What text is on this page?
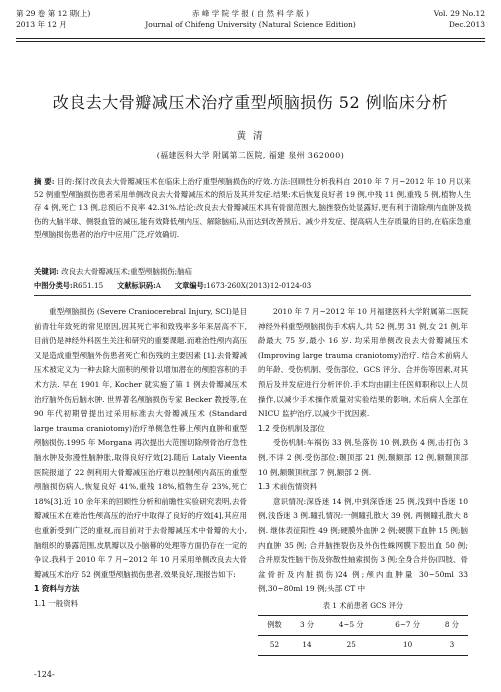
第 29 卷 第 12 期(上)	赤 峰 学 院 学 报 ( 自 然 科 学 版 )	Vol. 29 No.12
2013 年 12 月	Journal of Chifeng University (Natural Science Edition)	Dec.2013
改良去大骨瓣减压术治疗重型颅脑损伤 52 例临床分析
黄 清
(福建医科大学 附属第二医院, 福建 泉州 362000)
摘 要: 目的:探讨改良去大骨瓣减压术在临床上治疗重型颅脑损伤的疗效.方法:回顾性分析我科自 2010 年 7 月~2012 年 10 月以来 52 例重型颅脑损伤患者采用单侧改良去大骨瓣减压术的预后及其并发症.结果:术后恢复良好者 19 例,中残 11 例,重残 5 例,植物人生存 4 例,死亡 13 例,总预后不良率 42.31%.结论:改良去大骨瓣减压术具有骨窗范围大,脑挫裂伤处显露好,更有利于清除颅内血肿及损伤的大脑半球、侧裂血管的减压,能有效降低颅内压、解除脑疝,从而达到改善预后、减少并发症、提高病人生存质量的目的,在临床急重型颅脑损伤患者的治疗中应用广泛,疗效确切.
关键词: 改良去大骨瓣减压术;重型颅脑损伤;脑疝
中图分类号:R651.15 文献标识码:A 文章编号:1673-260X(2013)12-0124-03

重型颅脑损伤 (Severe Craniocerebral Injury, SCI)是目前青壮年致死的常见原因,因其死亡率和致残率多年来居高不下,目前仍是神经外科医生关注和研究的重要课题.而难治性颅内高压又是造成重型颅脑外伤患者死亡和伤残的主要因素 [1].去骨瓣减压术被定义为一种去除大面积的颅骨以增加潜在的颅腔容积的手术方法. 早在 1901 年, Kocher 就实施了第 1 例去骨瓣减压术治疗脑外伤后脑水肿. 世界著名颅脑损伤专家 Becker 教授等,在 90 年代初期曾提出过采用标准去大骨瓣减压术 (Standard large trauma craniotomy)治疗单侧急性幕上颅内血肿和重型颅脑损伤.1995 年 Morgana 再次提出大范围切除颅骨治疗急性脑水肿及弥漫性脑肿胀,取得良好疗效[2].随后 Lataly Vieenta 医院报道了 22 例利用大骨瓣减压治疗难以控制颅内高压的重型颅脑损伤病人,恢复良好 41%,重残 18%,植物生存 23%,死亡 18%[3].近 10 余年来的回顾性分析和前瞻性实验研究表明,去骨瓣减压术在难治性颅高压的治疗中取得了良好的疗效[4],其应用也重新受到广泛的重视,而目前对于去骨瓣减压术中骨瓣的大小,脑组织的暴露范围,皮肌瓣以及小脑幕的处理等方面仍存在一定的争议.我科于 2010 年 7 月~2012 年 10 月采用单侧改良去大骨瓣减压术治疗 52 例重型颅脑损伤患者,效果良好,现报告如下:

1 资料与方法
1.1 一般资料

2010 年 7 月~2012 年 10 月福建医科大学附属第二医院神经外科重型颅脑损伤手术病人,共 52 例,男 31 例,女 21 例,年龄最大 75 岁,最小 16 岁. 均采用单侧改良去大骨瓣减压术(Improving large trauma craniotomy)治疗. 结合术前病人的年龄、受伤机制、受伤部位、GCS 评分、合并伤等因素,对其预后及并发症进行分析评价.手术均由副主任医师职称以上人员操作,以减少手术操作质量对实验结果的影响, 术后病人全部在 NICU 监护治疗,以减少干扰因素.

1.2 受伤机制及部位

受伤机制:车祸伤 33 例,坠落伤 10 例,跌伤 4 例,击打伤 3 例,不详 2 例.受伤部位:颞顶部 21 例,颞额部 12 例,额颞顶部 10 例,额颞顶枕部 7 例,额部 2 例.

1.3 术前伤情资料

意识情况:深昏迷 14 例,中到深昏迷 25 例,浅到中昏迷 10 例,浅昏迷 3 例.瞳孔情况:一侧瞳孔散大 39 例, 两侧瞳孔散大 8 例. 继体表征阳性 49 例;硬膜外血肿 2 例;硬膜下血肿 15 例;脑内血肿 35 例; 合并脑挫裂伤及外伤性蛛网膜下腔出血 50 例; 合并原发性脑干伤及弥散性轴索损伤 3 例;全身合并伤(四肢、骨盆骨折及内脏损伤)24 例;颅内血肿量 30~50ml 33 例,30~80ml 19 例;头部 CT 中

表 1 术前患者 GCS 评分
例数	3 分	4~5 分	6~7 分	8 分
52	14	25	10	3
-124-
